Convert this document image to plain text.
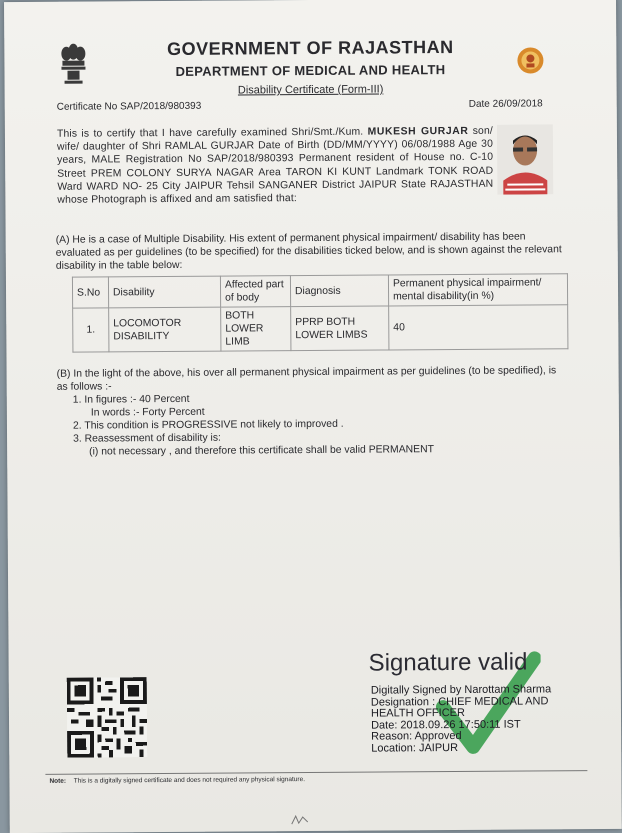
GOVERNMENT OF RAJASTHAN
DEPARTMENT OF MEDICAL AND HEALTH
Disability Certificate (Form-III)
Certificate No SAP/2018/980393	Date 26/09/2018
This is to certify that I have carefully examined Shri/Smt./Kum. MUKESH GURJAR son/ wife/ daughter of Shri RAMLAL GURJAR Date of Birth (DD/MM/YYYY) 06/08/1988 Age 30 years, MALE Registration No SAP/2018/980393 Permanent resident of House no. C-10 Street PREM COLONY SURYA NAGAR Area TARON KI KUNT Landmark TONK ROAD Ward WARD NO- 25 City JAIPUR Tehsil SANGANER District JAIPUR State RAJASTHAN whose Photograph is affixed and am satisfied that:
(A) He is a case of Multiple Disability. His extent of permanent physical impairment/ disability has been evaluated as per guidelines (to be specified) for the disabilities ticked below, and is shown against the relevant disability in the table below:
S.No	Disability	Affected part of body	Diagnosis	Permanent physical impairment/ mental disability(in %)
1.	LOCOMOTOR DISABILITY	BOTH LOWER LIMB	PPRP BOTH LOWER LIMBS	40
(B) In the light of the above, his over all permanent physical impairment as per guidelines (to be spedified), is as follows :-
1. In figures :- 40 Percent
In words :- Forty Percent
2. This condition is PROGRESSIVE not likely to improved .
3. Reassessment of disability is:
(i) not necessary , and therefore this certificate shall be valid PERMANENT
Signature valid
Digitally Signed by Narottam Sharma
Designation : CHIEF MEDICAL AND
HEALTH OFFICER
Date: 2018.09.26 17:50:11 IST
Reason: Approved
Location: JAIPUR
Note: This is a digitally signed certificate and does not required any physical signature.
